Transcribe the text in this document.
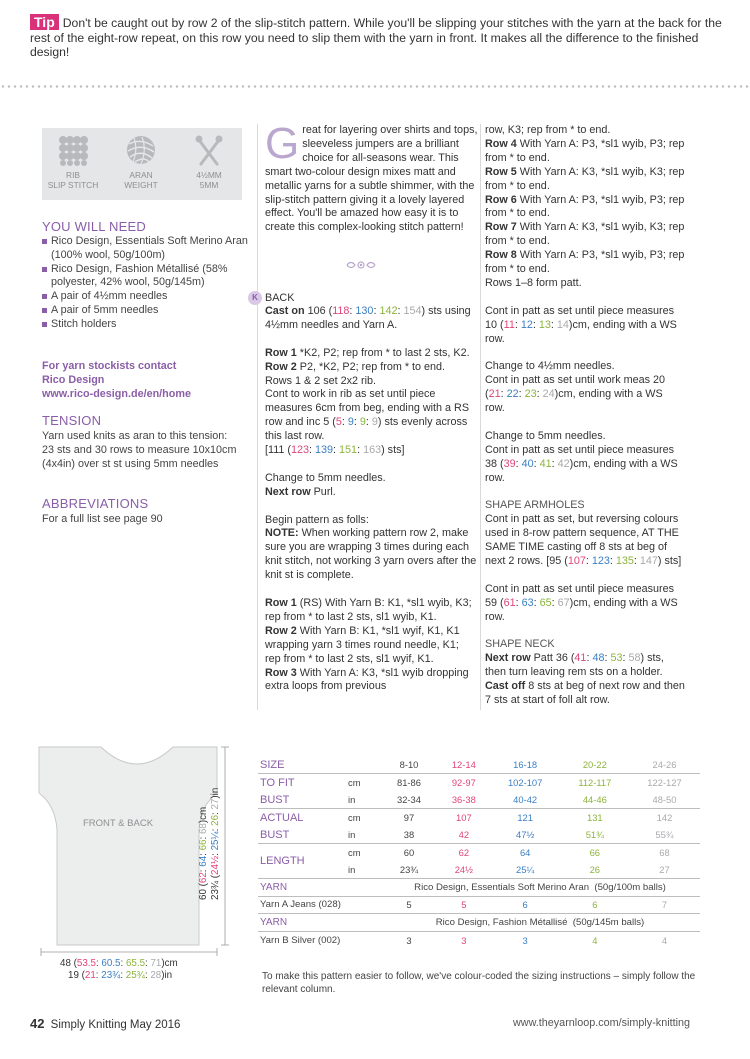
Tip Don't be caught out by row 2 of the slip-stitch pattern. While you'll be slipping your stitches with the yarn at the back for the rest of the eight-row repeat, on this row you need to slip them with the yarn in front. It makes all the difference to the finished design!
RIB
SLIP STITCH
ARAN
WEIGHT
4½MM
5MM
YOU WILL NEED
Rico Design, Essentials Soft Merino Aran (100% wool, 50g/100m)
Rico Design, Fashion Métallisé (58% polyester, 42% wool, 50g/145m)
A pair of 4½mm needles
A pair of 5mm needles
Stitch holders
For yarn stockists contact
Rico Design
www.rico-design.de/en/home
TENSION
Yarn used knits as aran to this tension: 23 sts and 30 rows to measure 10x10cm (4x4in) over st st using 5mm needles
ABBREVIATIONS
For a full list see page 90
Great for layering over shirts and tops, sleeveless jumpers are a brilliant choice for all-seasons wear. This smart two-colour design mixes matt and metallic yarns for a subtle shimmer, with the slip-stitch pattern giving it a lovely layered effect. You'll be amazed how easy it is to create this complex-looking stitch pattern!
K BACK

Cast on 106 (118: 130: 142: 154) sts using 4½mm needles and Yarn A.

Row 1 *K2, P2; rep from * to last 2 sts, K2.
Row 2 P2, *K2, P2; rep from * to end.
Rows 1 & 2 set 2x2 rib.
Cont to work in rib as set until piece measures 6cm from beg, ending with a RS row and inc 5 (5: 9: 9: 9) sts evenly across this last row.
[111 (123: 139: 151: 163) sts]

Change to 5mm needles.
Next row Purl.

Begin pattern as folls:
NOTE: When working pattern row 2, make sure you are wrapping 3 times during each knit stitch, not working 3 yarn overs after the knit st is complete.

Row 1 (RS) With Yarn B: K1, *sl1 wyib, K3; rep from * to last 2 sts, sl1 wyib, K1.
Row 2 With Yarn B: K1, *sl1 wyif, K1, K1 wrapping yarn 3 times round needle, K1; rep from * to last 2 sts, sl1 wyif, K1.
Row 3 With Yarn A: K3, *sl1 wyib dropping extra loops from previous

row, K3; rep from * to end.
Row 4 With Yarn A: P3, *sl1 wyib, P3; rep from * to end.
Row 5 With Yarn A: K3, *sl1 wyib, K3; rep from * to end.
Row 6 With Yarn A: P3, *sl1 wyib, P3; rep from * to end.
Row 7 With Yarn A: K3, *sl1 wyib, K3; rep from * to end.
Row 8 With Yarn A: P3, *sl1 wyib, P3; rep from * to end.
Rows 1–8 form patt.

Cont in patt as set until piece measures 10 (11: 12: 13: 14)cm, ending with a WS row.

Change to 4½mm needles.
Cont in patt as set until work meas 20 (21: 22: 23: 24)cm, ending with a WS row.

Change to 5mm needles.
Cont in patt as set until piece measures 38 (39: 40: 41: 42)cm, ending with a WS row.

SHAPE ARMHOLES
Cont in patt as set, but reversing colours used in 8-row pattern sequence, AT THE SAME TIME casting off 8 sts at beg of next 2 rows. [95 (107: 123: 135: 147) sts]

Cont in patt as set until piece measures 59 (61: 63: 65: 67)cm, ending with a WS row.

SHAPE NECK
Next row Patt 36 (41: 48: 53: 58) sts, then turn leaving rem sts on a holder.
Cast off 8 sts at beg of next row and then 7 sts at start of foll alt row.

FRONT & BACK
48 (53.5: 60.5: 65.5: 71)cm
19 (21: 23¾: 25¾: 28)in
60 (62: 64: 66: 68)cm
23¾ (24½: 25¼: 26: 27)in
SIZE		8-10	12-14	16-18	20-22	24-26
TO FIT	cm	81-86	92-97	102-107	112-117	122-127
BUST	in	32-34	36-38	40-42	44-46	48-50
ACTUAL	cm	97	107	121	131	142
BUST	in	38	42	47½	51¾	55¾
LENGTH	cm	60	62	64	66	68
	in	23¾	24½	25¼	26	27
YARN		Rico Design, Essentials Soft Merino Aran (50g/100m balls)				
Yarn A Jeans (028)		5	5	6	6	7
YARN		Rico Design, Fashion Métallisé (50g/145m balls)				
Yarn B Silver (002)		3	3	3	4	4
To make this pattern easier to follow, we've colour-coded the sizing instructions – simply follow the relevant column.
42 Simply Knitting May 2016	www.theyarnloop.com/simply-knitting
